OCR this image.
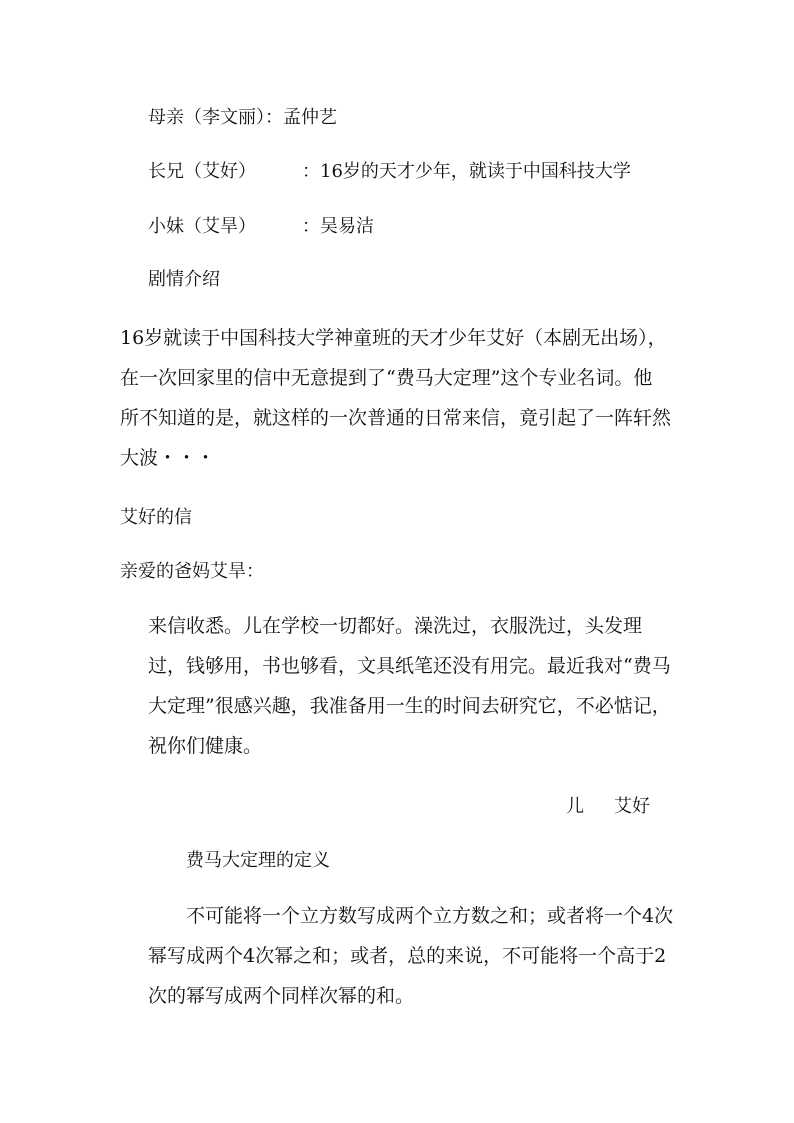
母亲（李文丽）：孟仲艺
长兄（艾好）	：16岁的天才少年，就读于中国科技大学
小妹（艾旱）	：吴易洁
剧情介绍
16岁就读于中国科技大学神童班的天才少年艾好（本剧无出场），
在一次回家里的信中无意提到了“费马大定理”这个专业名词。他
所不知道的是，就这样的一次普通的日常来信，竟引起了一阵轩然
大波・・・
艾好的信
亲爱的爸妈艾旱：
来信收悉。儿在学校一切都好。澡洗过，衣服洗过，头发理
过，钱够用，书也够看，文具纸笔还没有用完。最近我对“费马
大定理”很感兴趣，我准备用一生的时间去研究它，不必惦记，
祝你们健康。
儿 艾好
费马大定理的定义
不可能将一个立方数写成两个立方数之和；或者将一个4次
幂写成两个4次幂之和；或者，总的来说，不可能将一个高于2
次的幂写成两个同样次幂的和。
